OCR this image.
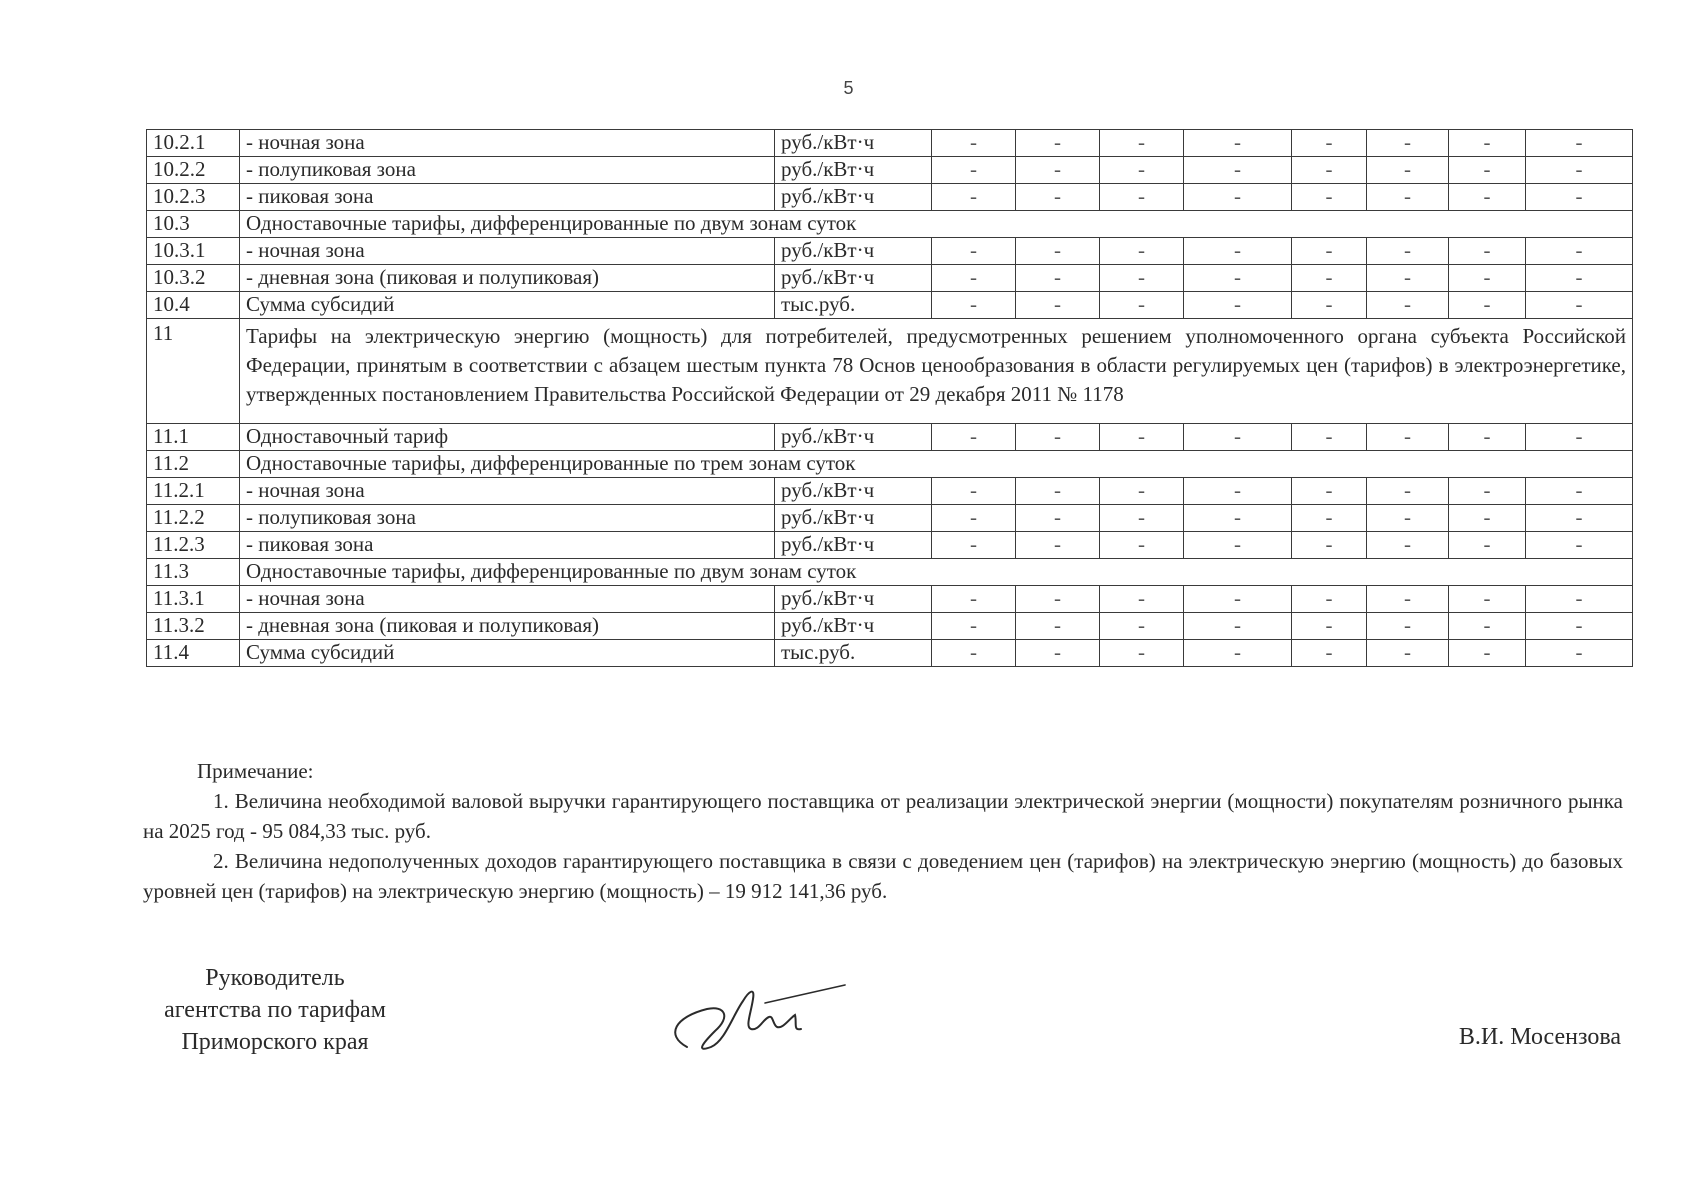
5
10.2.1	- ночная зона	руб./кВт·ч	-	-	-	-	-	-	-	-
10.2.2	- полупиковая зона	руб./кВт·ч	-	-	-	-	-	-	-	-
10.2.3	- пиковая зона	руб./кВт·ч	-	-	-	-	-	-	-	-
10.3	Одноставочные тарифы, дифференцированные по двум зонам суток									
10.3.1	- ночная зона	руб./кВт·ч	-	-	-	-	-	-	-	-
10.3.2	- дневная зона (пиковая и полупиковая)	руб./кВт·ч	-	-	-	-	-	-	-	-
10.4	Сумма субсидий	тыс.руб.	-	-	-	-	-	-	-	-
11	Тарифы на электрическую энергию (мощность) для потребителей, предусмотренных решением уполномоченного органа субъекта Российской Федерации, принятым в соответствии с абзацем шестым пункта 78 Основ ценообразования в области регулируемых цен (тарифов) в электроэнергетике, утвержденных постановлением Правительства Российской Федерации от 29 декабря 2011 № 1178									
11.1	Одноставочный тариф	руб./кВт·ч	-	-	-	-	-	-	-	-
11.2	Одноставочные тарифы, дифференцированные по трем зонам суток									
11.2.1	- ночная зона	руб./кВт·ч	-	-	-	-	-	-	-	-
11.2.2	- полупиковая зона	руб./кВт·ч	-	-	-	-	-	-	-	-
11.2.3	- пиковая зона	руб./кВт·ч	-	-	-	-	-	-	-	-
11.3	Одноставочные тарифы, дифференцированные по двум зонам суток									
11.3.1	- ночная зона	руб./кВт·ч	-	-	-	-	-	-	-	-
11.3.2	- дневная зона (пиковая и полупиковая)	руб./кВт·ч	-	-	-	-	-	-	-	-
11.4	Сумма субсидий	тыс.руб.	-	-	-	-	-	-	-	-

Примечание:

1. Величина необходимой валовой выручки гарантирующего поставщика от реализации электрической энергии (мощности) покупателям розничного рынка на 2025 год - 95 084,33 тыс. руб.

2. Величина недополученных доходов гарантирующего поставщика в связи с доведением цен (тарифов) на электрическую энергию (мощность) до базовых уровней цен (тарифов) на электрическую энергию (мощность) – 19 912 141,36 руб.

Руководитель
агентства по тарифам
Приморского края	В.И. Мосензова
